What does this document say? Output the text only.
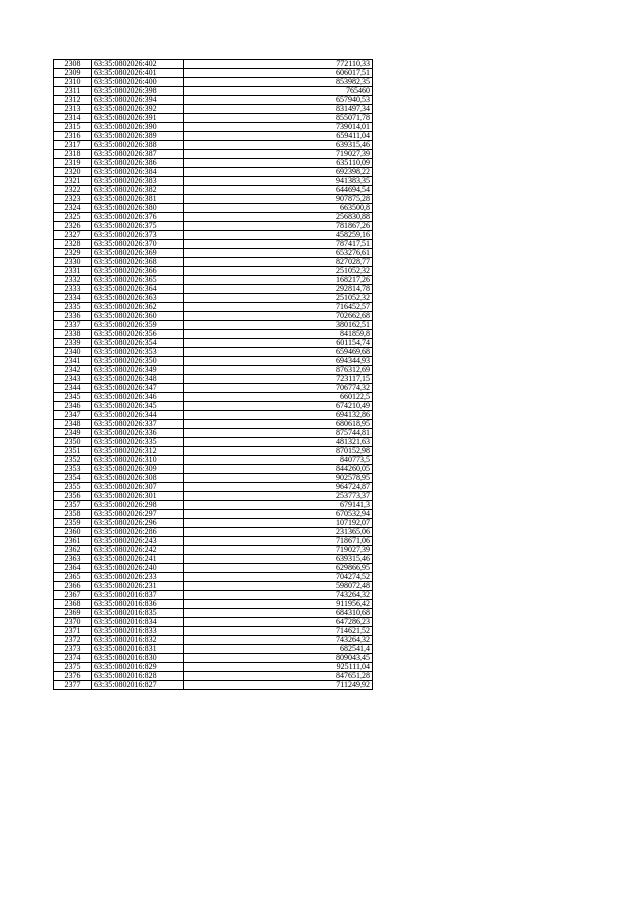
2308	63:35:0802026:402	772110,33
2309	63:35:0802026:401	606017,51
2310	63:35:0802026:400	853982,35
2311	63:35:0802026:398	765460
2312	63:35:0802026:394	657940,53
2313	63:35:0802026:392	831497,34
2314	63:35:0802026:391	855071,78
2315	63:35:0802026:390	739014,01
2316	63:35:0802026:389	659411,04
2317	63:35:0802026:388	639315,46
2318	63:35:0802026:387	719027,39
2319	63:35:0802026:386	635110,09
2320	63:35:0802026:384	692398,22
2321	63:35:0802026:383	941383,35
2322	63:35:0802026:382	644694,54
2323	63:35:0802026:381	907875,28
2324	63:35:0802026:380	663500,8
2325	63:35:0802026:376	256830,88
2326	63:35:0802026:375	781867,26
2327	63:35:0802026:373	458259,16
2328	63:35:0802026:370	787417,51
2329	63:35:0802026:369	653276,61
2330	63:35:0802026:368	827028,77
2331	63:35:0802026:366	251052,32
2332	63:35:0802026:365	168217,26
2333	63:35:0802026:364	292814,78
2334	63:35:0802026:363	251052,32
2335	63:35:0802026:362	716452,57
2336	63:35:0802026:360	702662,68
2337	63:35:0802026:359	380162,51
2338	63:35:0802026:356	841859,8
2339	63:35:0802026:354	601154,74
2340	63:35:0802026:353	659469,68
2341	63:35:0802026:350	694344,93
2342	63:35:0802026:349	876312,69
2343	63:35:0802026:348	723117,15
2344	63:35:0802026:347	706774,32
2345	63:35:0802026:346	660122,5
2346	63:35:0802026:345	674210,49
2347	63:35:0802026:344	694132,86
2348	63:35:0802026:337	680618,95
2349	63:35:0802026:336	875744,81
2350	63:35:0802026:335	481321,63
2351	63:35:0802026:312	870152,98
2352	63:35:0802026:310	840773,5
2353	63:35:0802026:309	844260,05
2354	63:35:0802026:308	902578,95
2355	63:35:0802026:307	964724,87
2356	63:35:0802026:301	253773,37
2357	63:35:0802026:298	679141,3
2358	63:35:0802026:297	670532,94
2359	63:35:0802026:296	107192,07
2360	63:35:0802026:286	231365,06
2361	63:35:0802026:243	718671,06
2362	63:35:0802026:242	719027,39
2363	63:35:0802026:241	639315,46
2364	63:35:0802026:240	629866,95
2365	63:35:0802026:233	704274,52
2366	63:35:0802026:231	598072,48
2367	63:35:0802016:837	743264,32
2368	63:35:0802016:836	911956,42
2369	63:35:0802016:835	684310,68
2370	63:35:0802016:834	647286,23
2371	63:35:0802016:833	714621,52
2372	63:35:0802016:832	743264,32
2373	63:35:0802016:831	682541,4
2374	63:35:0802016:830	809043,45
2375	63:35:0802016:829	925111,04
2376	63:35:0802016:828	847651,28
2377	63:35:0802016:827	711249,92
